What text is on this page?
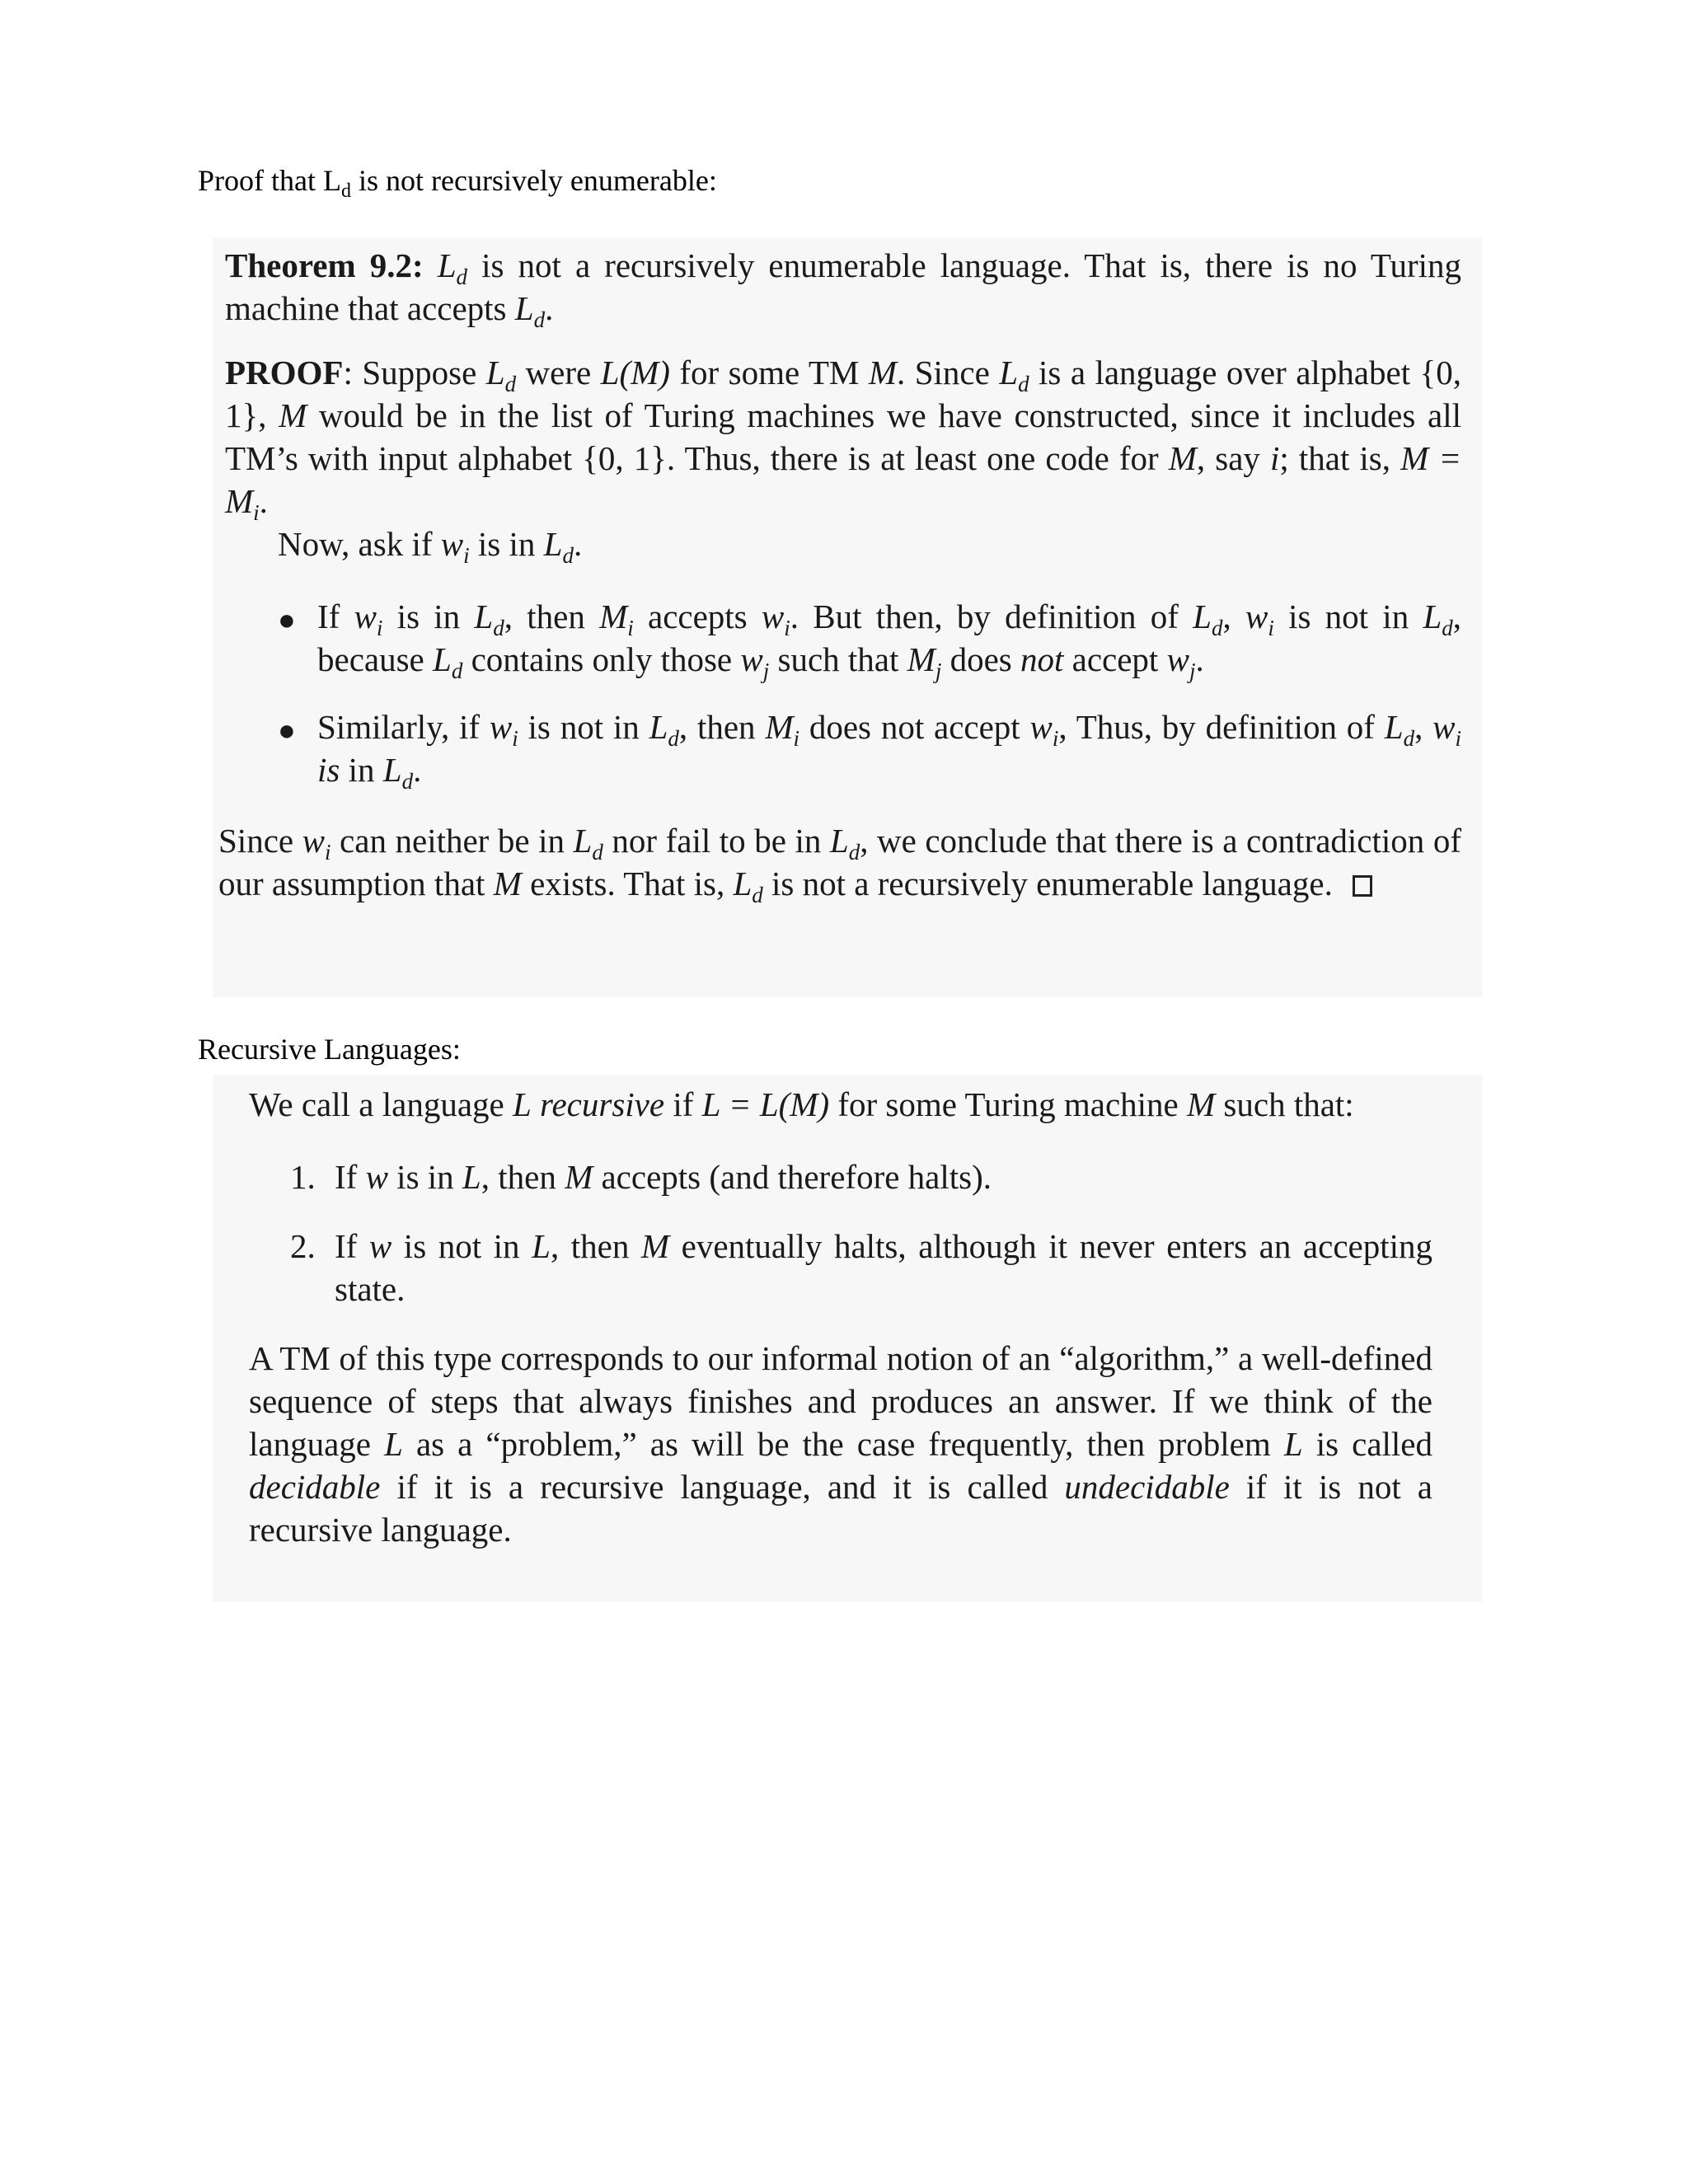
Proof that $L_d$ is not recursively enumerable:

Theorem 9.2: $L_d$ is not a recursively enumerable language. That is, there is no Turing machine that accepts $L_d$.

PROOF: Suppose $L_d$ were L(M) for some TM M. Since $L_d$ is a language over alphabet {0, 1}, M would be in the list of Turing machines we have constructed, since it includes all TM’s with input alphabet {0, 1}. Thus, there is at least one code for M, say i; that is, $M = M_i$.

Now, ask if $w_i$ is in $L_d$.

● If $w_i$ is in $L_d$, then $M_i$ accepts $w_i$. But then, by definition of $L_d$, $w_i$ is not in $L_d$, because $L_d$ contains only those $w_j$ such that $M_j$ does not accept $w_j$.
● Similarly, if $w_i$ is not in $L_d$, then $M_i$ does not accept $w_i$, Thus, by definition of $L_d$, $w_i$ is in $L_d$.

Since $w_i$ can neither be in $L_d$ nor fail to be in $L_d$, we conclude that there is a contradiction of our assumption that M exists. That is, $L_d$ is not a recursively enumerable language.

Recursive Languages:

We call a language L recursive if L = L(M) for some Turing machine M such that:

1. If w is in L, then M accepts (and therefore halts).
2. If w is not in L, then M eventually halts, although it never enters an accepting state.

A TM of this type corresponds to our informal notion of an “algorithm,” a well-defined sequence of steps that always finishes and produces an answer. If we think of the language L as a “problem,” as will be the case frequently, then problem L is called decidable if it is a recursive language, and it is called undecidable if it is not a recursive language.
